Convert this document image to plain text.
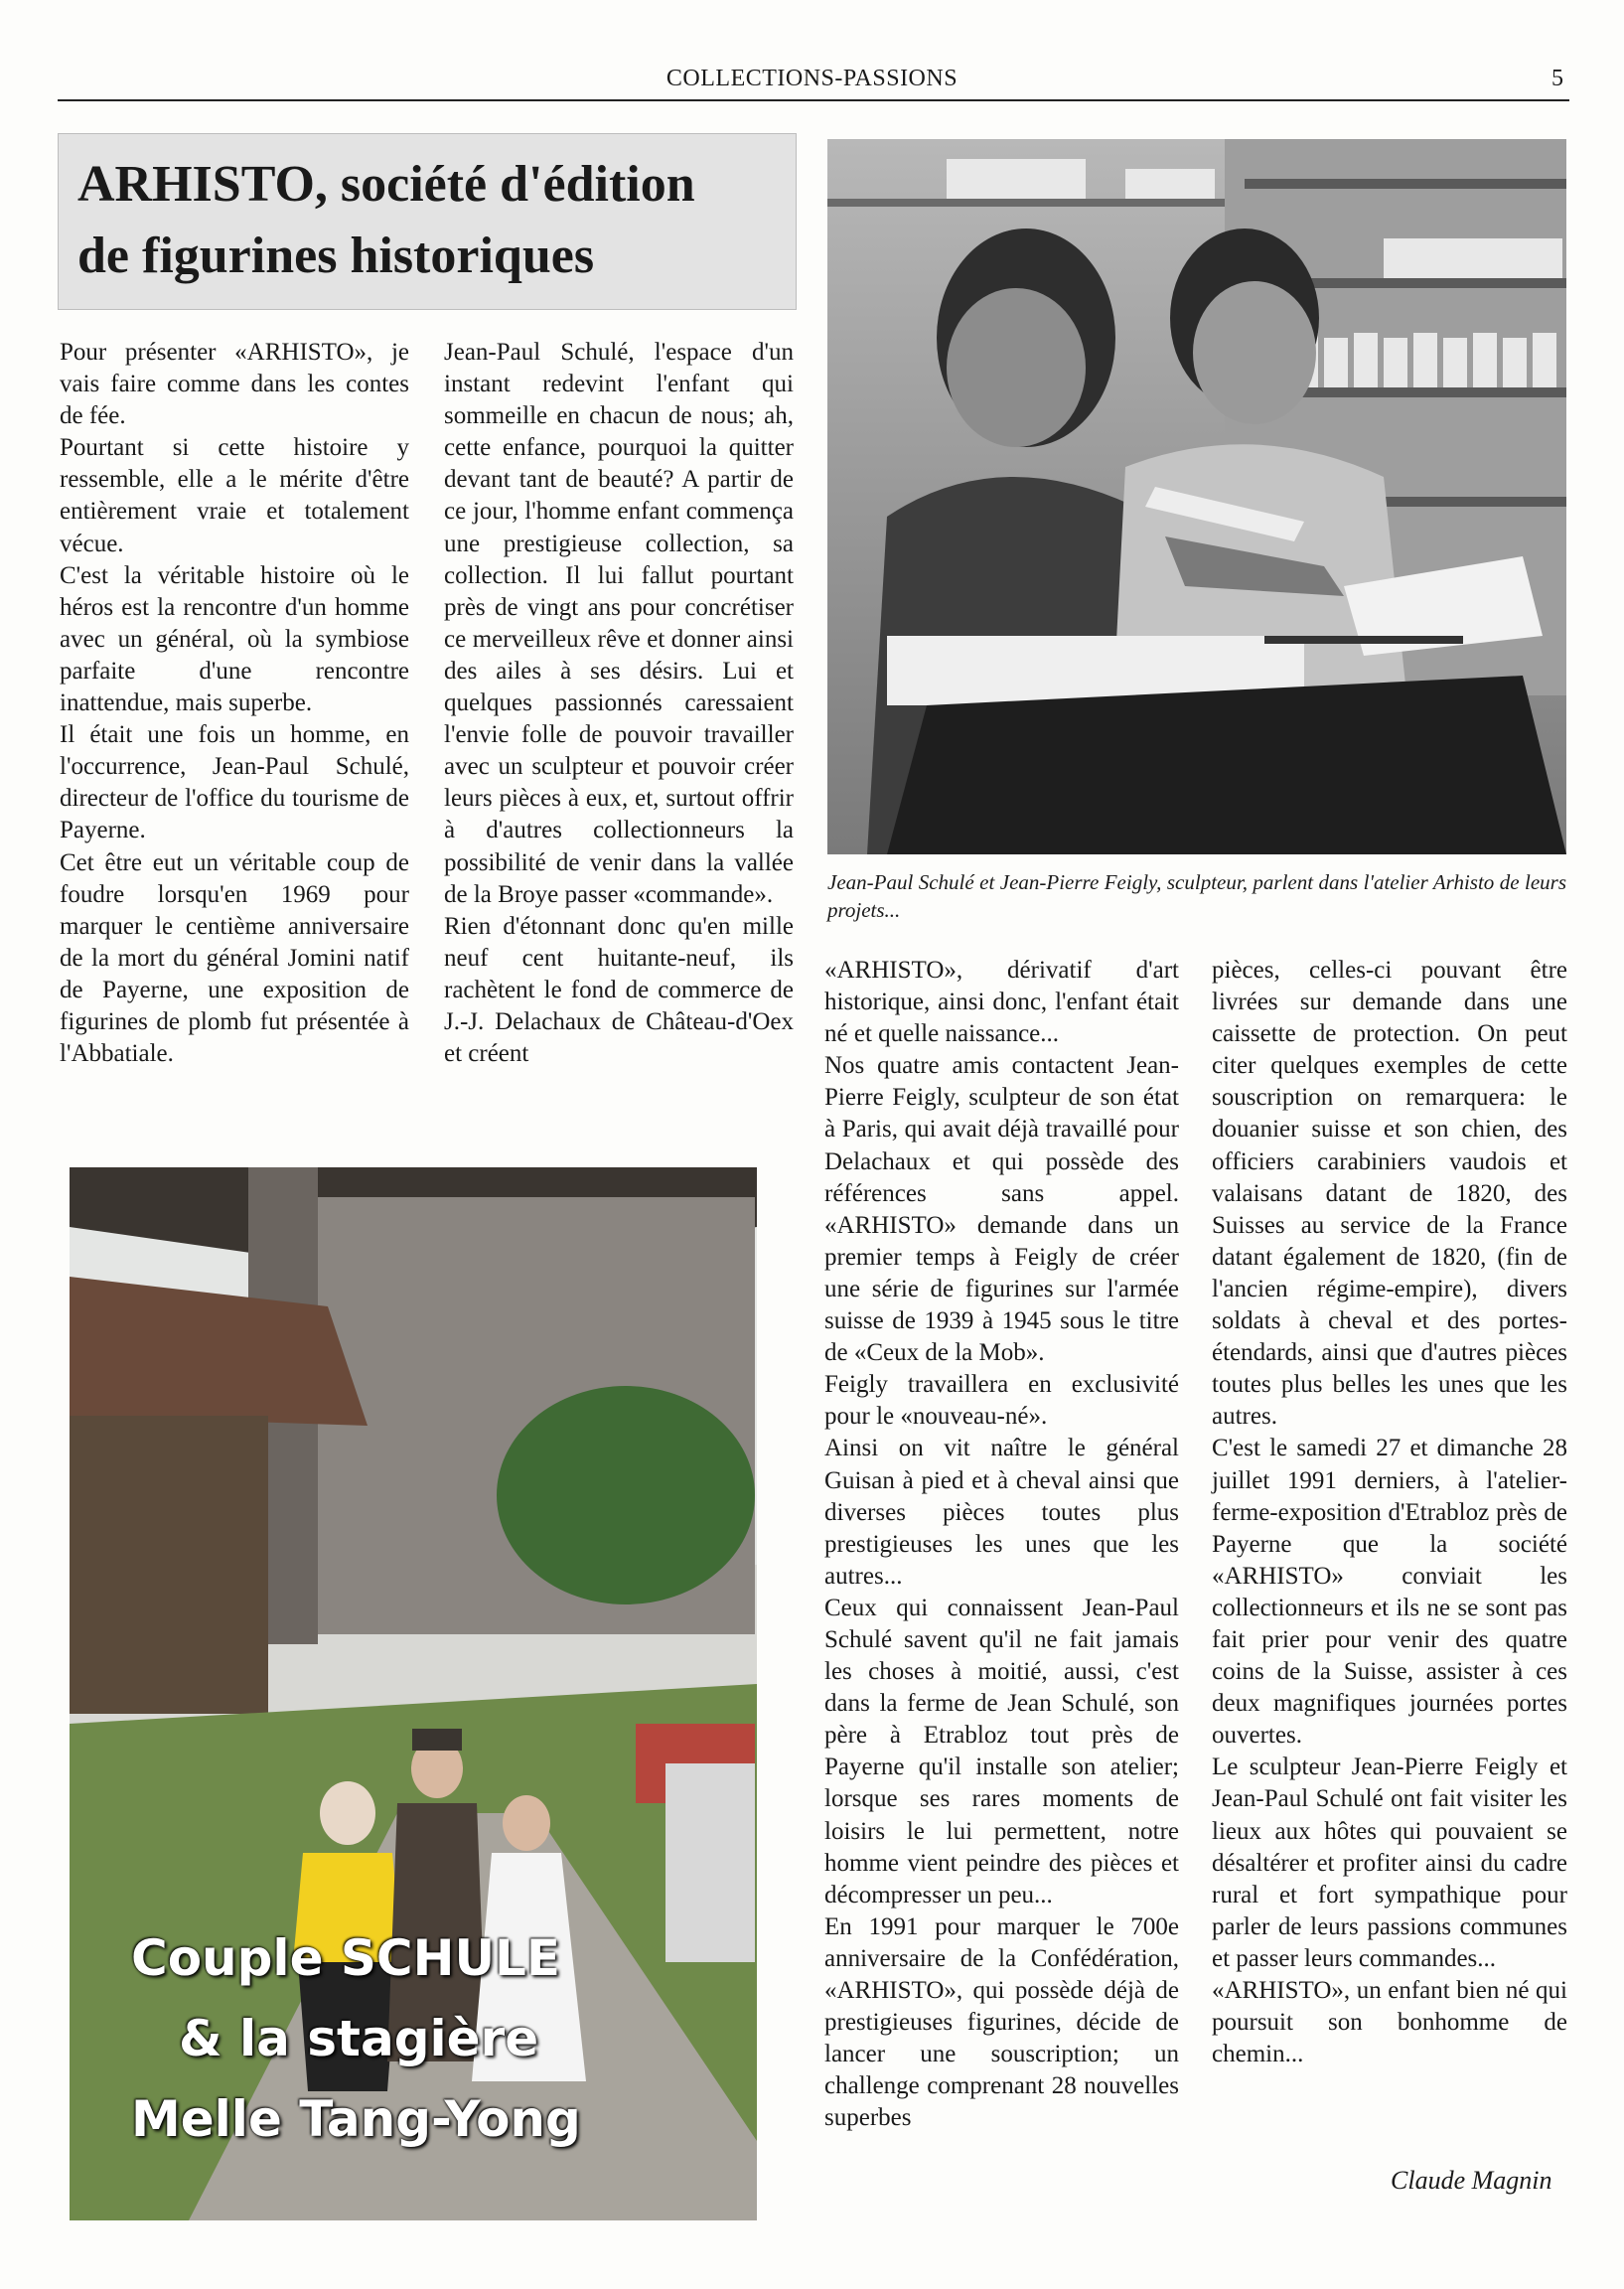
COLLECTIONS-PASSIONS	5
ARHISTO, société d'édition
de figurines historiques

Pour présenter «ARHISTO», je vais faire comme dans les contes de fée.

Pourtant si cette histoire y ressemble, elle a le mérite d'être entièrement vraie et totalement vécue.

C'est la véritable histoire où le héros est la rencontre d'un homme avec un général, où la symbiose parfaite d'une rencontre inattendue, mais superbe.

Il était une fois un homme, en l'occurrence, Jean-Paul Schulé, directeur de l'office du tourisme de Payerne.

Cet être eut un véritable coup de foudre lorsqu'en 1969 pour marquer le centième anniversaire de la mort du général Jomini natif de Payerne, une exposition de figurines de plomb fut présentée à l'Abbatiale.

Jean-Paul Schulé, l'espace d'un instant redevint l'enfant qui sommeille en chacun de nous; ah, cette enfance, pourquoi la quitter devant tant de beauté? A partir de ce jour, l'homme enfant commença une prestigieuse collection, sa collection. Il lui fallut pourtant près de vingt ans pour concrétiser ce merveilleux rêve et donner ainsi des ailes à ses désirs. Lui et quelques passionnés caressaient l'envie folle de pouvoir travailler avec un sculpteur et pouvoir créer leurs pièces à eux, et, surtout offrir à d'autres collectionneurs la possibilité de venir dans la vallée de la Broye passer «commande».

Rien d'étonnant donc qu'en mille neuf cent huitante-neuf, ils rachètent le fond de commerce de J.-J. Delachaux de Château-d'Oex et créent

Jean-Paul Schulé et Jean-Pierre Feigly, sculpteur, parlent dans l'atelier Arhisto de leurs projets...

«ARHISTO», dérivatif d'art historique, ainsi donc, l'enfant était né et quelle naissance...

Nos quatre amis contactent Jean-Pierre Feigly, sculpteur de son état à Paris, qui avait déjà travaillé pour Delachaux et qui possède des références sans appel. «ARHISTO» demande dans un premier temps à Feigly de créer une série de figurines sur l'armée suisse de 1939 à 1945 sous le titre de «Ceux de la Mob».

Feigly travaillera en exclusivité pour le «nouveau-né».

Ainsi on vit naître le général Guisan à pied et à cheval ainsi que diverses pièces toutes plus prestigieuses les unes que les autres...

Ceux qui connaissent Jean-Paul Schulé savent qu'il ne fait jamais les choses à moitié, aussi, c'est dans la ferme de Jean Schulé, son père à Etrabloz tout près de Payerne qu'il installe son atelier; lorsque ses rares moments de loisirs le lui permettent, notre homme vient peindre des pièces et décompresser un peu...

En 1991 pour marquer le 700e anniversaire de la Confédération, «ARHISTO», qui possède déjà de prestigieuses figurines, décide de lancer une souscription; un challenge comprenant 28 nouvelles superbes

pièces, celles-ci pouvant être livrées sur demande dans une caissette de protection. On peut citer quelques exemples de cette souscription on remarquera: le douanier suisse et son chien, des officiers carabiniers vaudois et valaisans datant de 1820, des Suisses au service de la France datant également de 1820, (fin de l'ancien régime-empire), divers soldats à cheval et des portes-étendards, ainsi que d'autres pièces toutes plus belles les unes que les autres.

C'est le samedi 27 et dimanche 28 juillet 1991 derniers, à l'atelier-ferme-exposition d'Etrabloz près de Payerne que la société «ARHISTO» conviait les collectionneurs et ils ne se sont pas fait prier pour venir des quatre coins de la Suisse, assister à ces deux magnifiques journées portes ouvertes.

Le sculpteur Jean-Pierre Feigly et Jean-Paul Schulé ont fait visiter les lieux aux hôtes qui pouvaient se désaltérer et profiter ainsi du cadre rural et fort sympathique pour parler de leurs passions communes et passer leurs commandes...

«ARHISTO», un enfant bien né qui poursuit son bonhomme de chemin...

Couple SCHULE
& la stagière
Melle Tang-Yong
Claude Magnin
